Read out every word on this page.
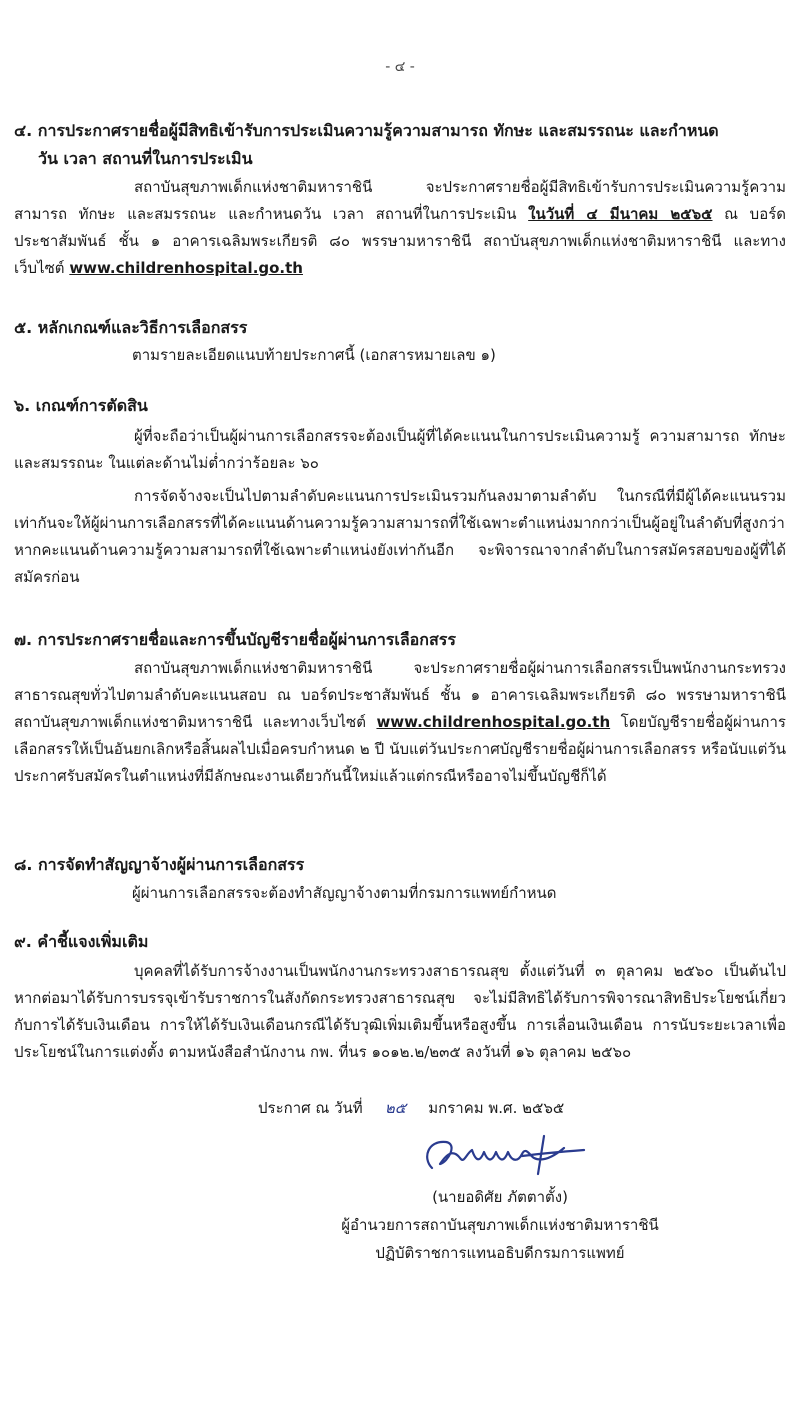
- ๔ -

๔. การประกาศรายชื่อผู้มีสิทธิเข้ารับการประเมินความรู้ความสามารถ ทักษะ และสมรรถนะ และกำหนด

วัน เวลา สถานที่ในการประเมิน

สถาบันสุขภาพเด็กแห่งชาติมหาราชินี จะประกาศรายชื่อผู้มีสิทธิเข้ารับการประเมินความรู้ความสามารถ ทักษะ และสมรรถนะ และกำหนดวัน เวลา สถานที่ในการประเมิน ในวันที่ ๔ มีนาคม ๒๕๖๕ ณ บอร์ดประชาสัมพันธ์ ชั้น ๑ อาคารเฉลิมพระเกียรติ ๘๐ พรรษามหาราชินี สถาบันสุขภาพเด็กแห่งชาติมหาราชินี และทางเว็บไซต์ www.childrenhospital.go.th

๕. หลักเกณฑ์และวิธีการเลือกสรร

ตามรายละเอียดแนบท้ายประกาศนี้ (เอกสารหมายเลข ๑)

๖. เกณฑ์การตัดสิน

ผู้ที่จะถือว่าเป็นผู้ผ่านการเลือกสรรจะต้องเป็นผู้ที่ได้คะแนนในการประเมินความรู้ ความสามารถ ทักษะ และสมรรถนะ ในแต่ละด้านไม่ต่ำกว่าร้อยละ ๖๐

การจัดจ้างจะเป็นไปตามลำดับคะแนนการประเมินรวมกันลงมาตามลำดับ ในกรณีที่มีผู้ได้คะแนนรวมเท่ากันจะให้ผู้ผ่านการเลือกสรรที่ได้คะแนนด้านความรู้ความสามารถที่ใช้เฉพาะตำแหน่งมากกว่าเป็นผู้อยู่ในลำดับที่สูงกว่า หากคะแนนด้านความรู้ความสามารถที่ใช้เฉพาะตำแหน่งยังเท่ากันอีก จะพิจารณาจากลำดับในการสมัครสอบของผู้ที่ได้สมัครก่อน

๗. การประกาศรายชื่อและการขึ้นบัญชีรายชื่อผู้ผ่านการเลือกสรร

สถาบันสุขภาพเด็กแห่งชาติมหาราชินี จะประกาศรายชื่อผู้ผ่านการเลือกสรรเป็นพนักงานกระทรวงสาธารณสุขทั่วไปตามลำดับคะแนนสอบ ณ บอร์ดประชาสัมพันธ์ ชั้น ๑ อาคารเฉลิมพระเกียรติ ๘๐ พรรษามหาราชินี สถาบันสุขภาพเด็กแห่งชาติมหาราชินี และทางเว็บไซต์ www.childrenhospital.go.th โดยบัญชีรายชื่อผู้ผ่านการเลือกสรรให้เป็นอันยกเลิกหรือสิ้นผลไปเมื่อครบกำหนด ๒ ปี นับแต่วันประกาศบัญชีรายชื่อผู้ผ่านการเลือกสรร หรือนับแต่วันประกาศรับสมัครในตำแหน่งที่มีลักษณะงานเดียวกันนี้ใหม่แล้วแต่กรณีหรืออาจไม่ขึ้นบัญชีก็ได้

๘. การจัดทำสัญญาจ้างผู้ผ่านการเลือกสรร

ผู้ผ่านการเลือกสรรจะต้องทำสัญญาจ้างตามที่กรมการแพทย์กำหนด

๙. คำชี้แจงเพิ่มเติม

บุคคลที่ได้รับการจ้างงานเป็นพนักงานกระทรวงสาธารณสุข ตั้งแต่วันที่ ๓ ตุลาคม ๒๕๖๐ เป็นต้นไป หากต่อมาได้รับการบรรจุเข้ารับราชการในสังกัดกระทรวงสาธารณสุข จะไม่มีสิทธิได้รับการพิจารณาสิทธิประโยชน์เกี่ยวกับการได้รับเงินเดือน การให้ได้รับเงินเดือนกรณีได้รับวุฒิเพิ่มเติมขึ้นหรือสูงขึ้น การเลื่อนเงินเดือน การนับระยะเวลาเพื่อประโยชน์ในการแต่งตั้ง ตามหนังสือสำนักงาน กพ. ที่นร ๑๐๑๒.๒/๒๓๕ ลงวันที่ ๑๖ ตุลาคม ๒๕๖๐

ประกาศ ณ วันที่ ๒๕ มกราคม พ.ศ. ๒๕๖๕
(นายอดิศัย ภัตตาตั้ง)
ผู้อำนวยการสถาบันสุขภาพเด็กแห่งชาติมหาราชินี
ปฏิบัติราชการแทนอธิบดีกรมการแพทย์
